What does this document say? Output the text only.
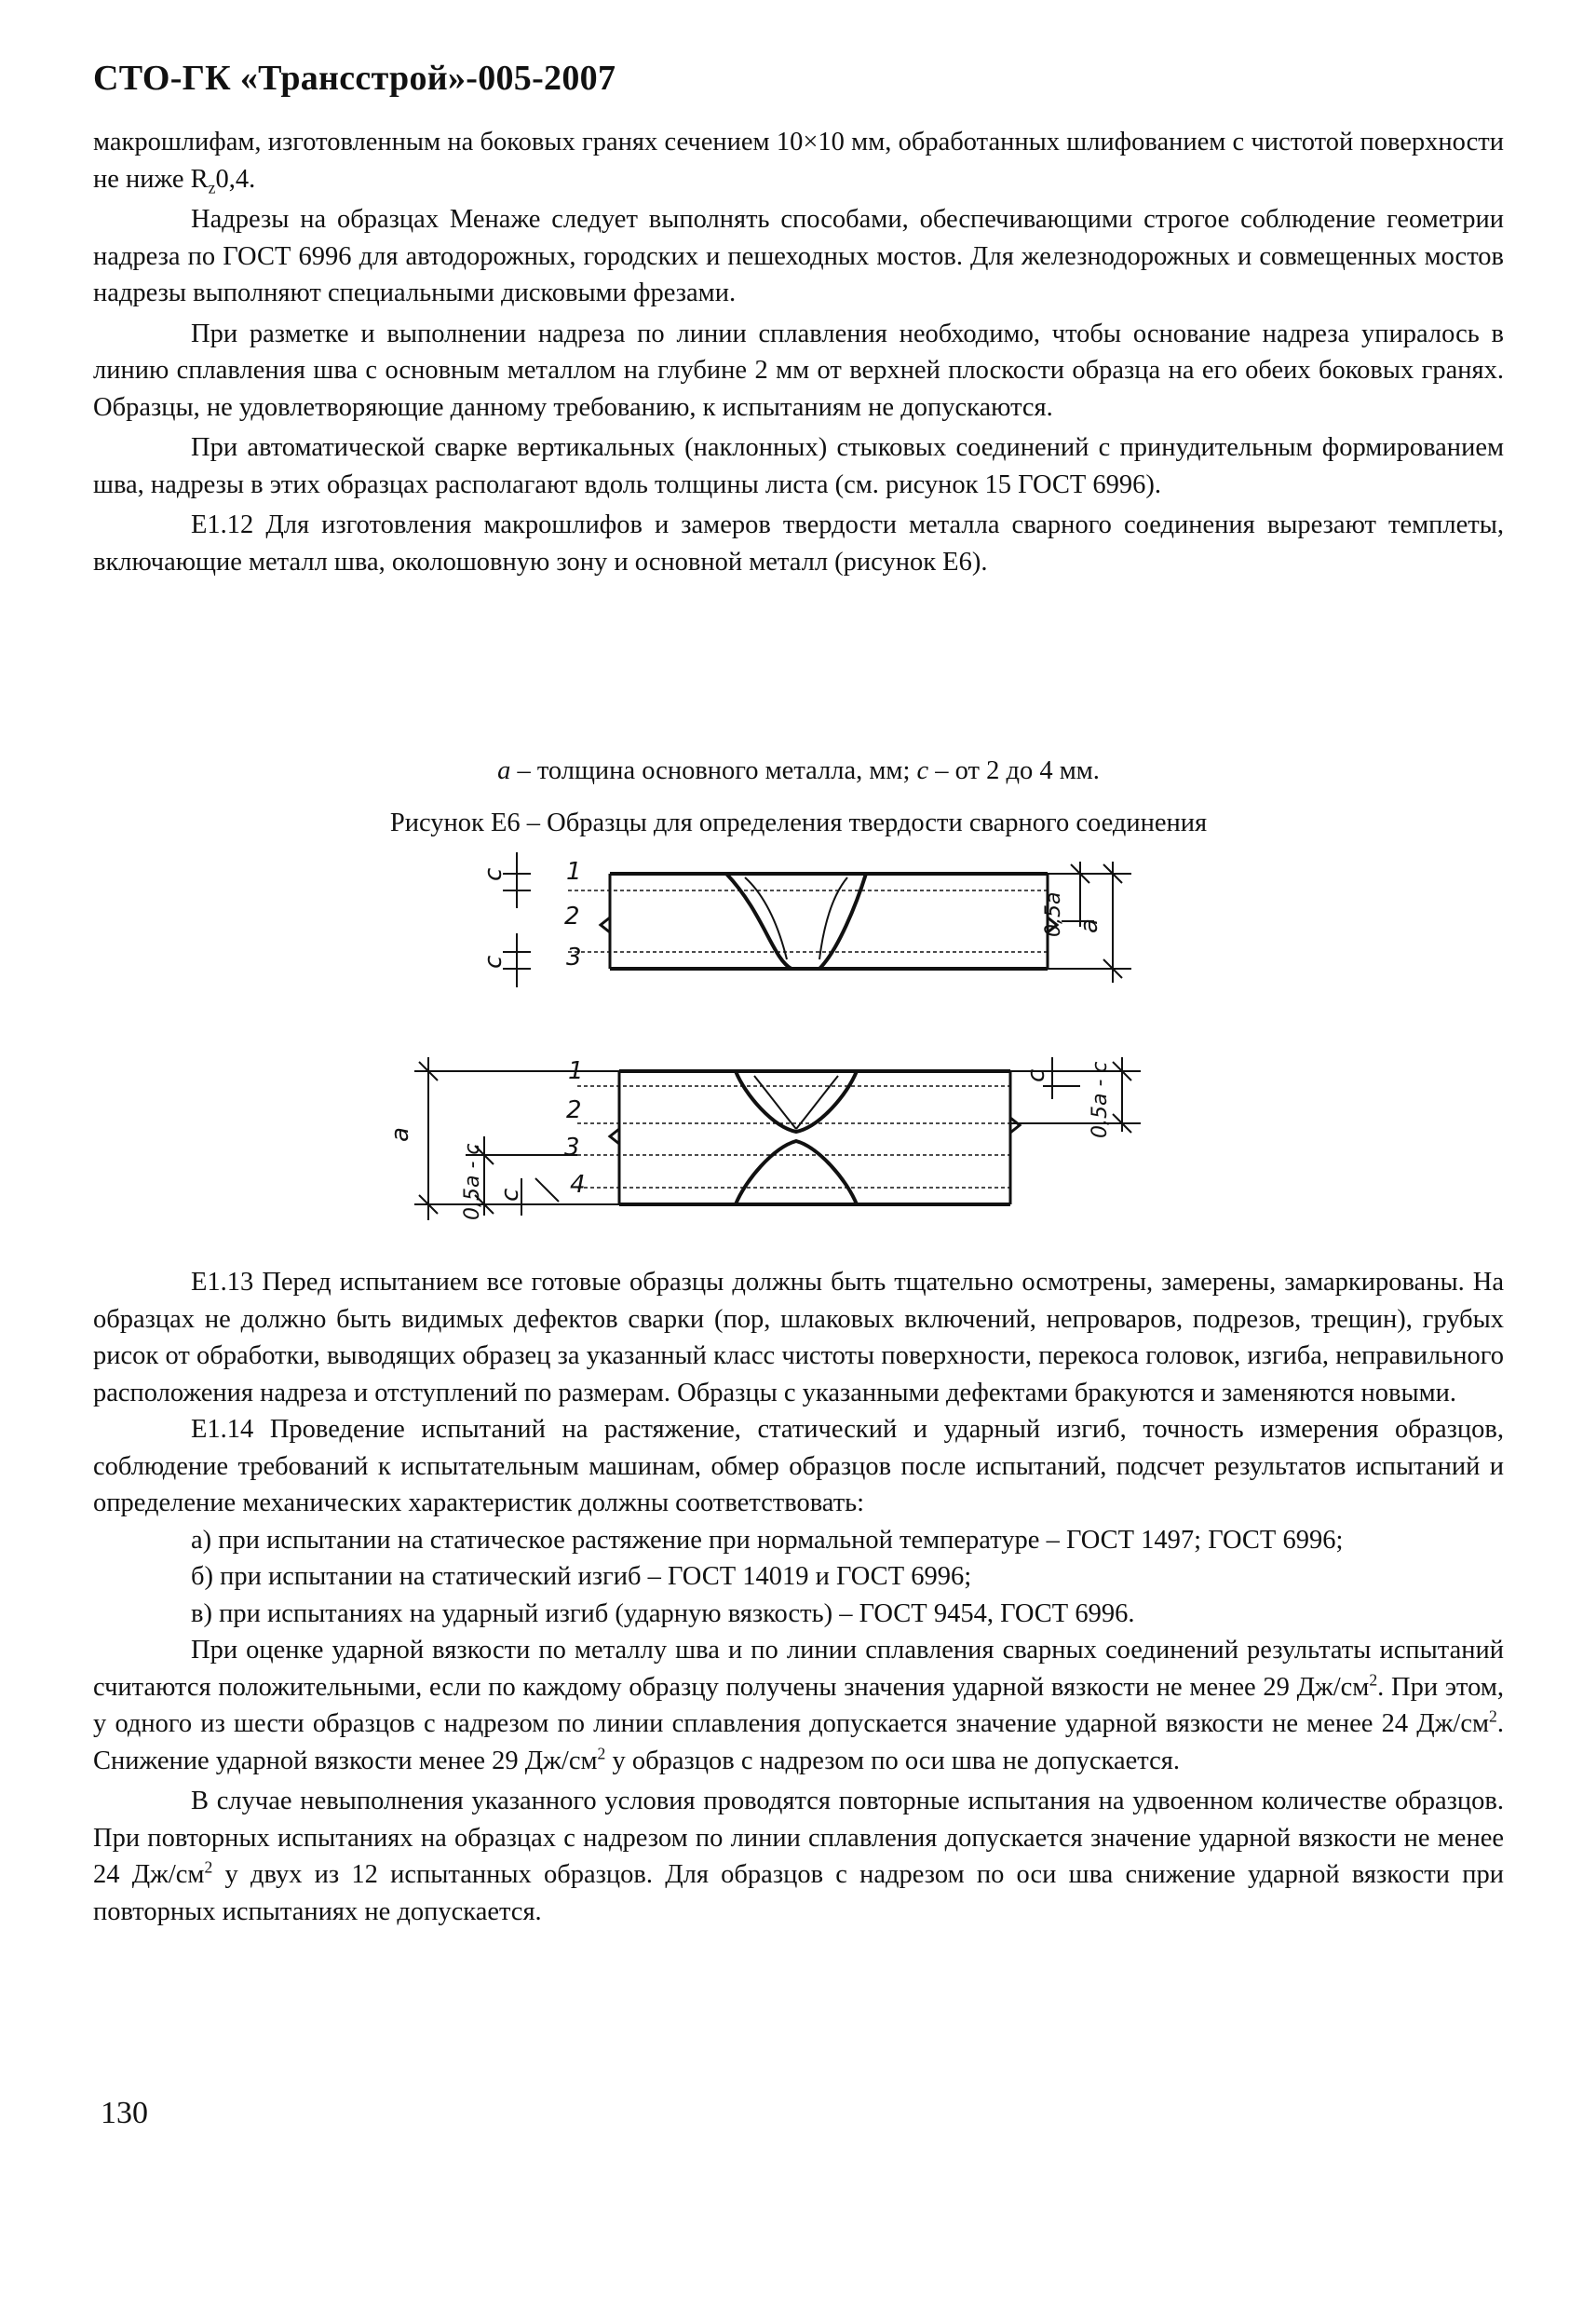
СТО-ГК «Трансстрой»-005-2007

макрошлифам, изготовленным на боковых гранях сечением 10×10 мм, обработанных шлифованием с чистотой поверхности не ниже $R_z0,4$.

Надрезы на образцах Менаже следует выполнять способами, обеспечивающими строгое соблюдение геометрии надреза по ГОСТ 6996 для автодорожных, городских и пешеходных мостов. Для железнодорожных и совмещенных мостов надрезы выполняют специальными дисковыми фрезами.

При разметке и выполнении надреза по линии сплавления необходимо, чтобы основание надреза упиралось в линию сплавления шва с основным металлом на глубине 2 мм от верхней плоскости образца на его обеих боковых гранях. Образцы, не удовлетворяющие данному требованию, к испытаниям не допускаются.

При автоматической сварке вертикальных (наклонных) стыковых соединений с принудительным формированием шва, надрезы в этих образцах располагают вдоль толщины листа (см. рисунок 15 ГОСТ 6996).

Е1.12 Для изготовления макрошлифов и замеров твердости металла сварного соединения вырезают темплеты, включающие металл шва, околошовную зону и основной металл (рисунок Е6).

a – толщина основного металла, мм; c – от 2 до 4 мм.
Рисунок Е6 – Образцы для определения твердости сварного соединения
c 1
2
c 3
0,5a a
1
2
3
4
a
0,5a - c c
c 0,5a - c

Е1.13 Перед испытанием все готовые образцы должны быть тщательно осмотрены, замерены, замаркированы. На образцах не должно быть видимых дефектов сварки (пор, шлаковых включений, непроваров, подрезов, трещин), грубых рисок от обработки, выводящих образец за указанный класс чистоты поверхности, перекоса головок, изгиба, неправильного расположения надреза и отступлений по размерам. Образцы с указанными дефектами бракуются и заменяются новыми.

Е1.14 Проведение испытаний на растяжение, статический и ударный изгиб, точность измерения образцов, соблюдение требований к испытательным машинам, обмер образцов после испытаний, подсчет результатов испытаний и определение механических характеристик должны соответствовать:

а) при испытании на статическое растяжение при нормальной температуре – ГОСТ 1497; ГОСТ 6996;

б) при испытании на статический изгиб – ГОСТ 14019 и ГОСТ 6996;

в) при испытаниях на ударный изгиб (ударную вязкость) – ГОСТ 9454, ГОСТ 6996.

При оценке ударной вязкости по металлу шва и по линии сплавления сварных соединений результаты испытаний считаются положительными, если по каждому образцу получены значения ударной вязкости не менее 29 $Дж/см^2$. При этом, у одного из шести образцов с надрезом по линии сплавления допускается значение ударной вязкости не менее 24 $Дж/см^2$. Снижение ударной вязкости менее 29 $Дж/см^2$ у образцов с надрезом по оси шва не допускается.

В случае невыполнения указанного условия проводятся повторные испытания на удвоенном количестве образцов. При повторных испытаниях на образцах с надрезом по линии сплавления допускается значение ударной вязкости не менее 24 $Дж/см^2$ у двух из 12 испытанных образцов. Для образцов с надрезом по оси шва снижение ударной вязкости при повторных испытаниях не допускается.

130
